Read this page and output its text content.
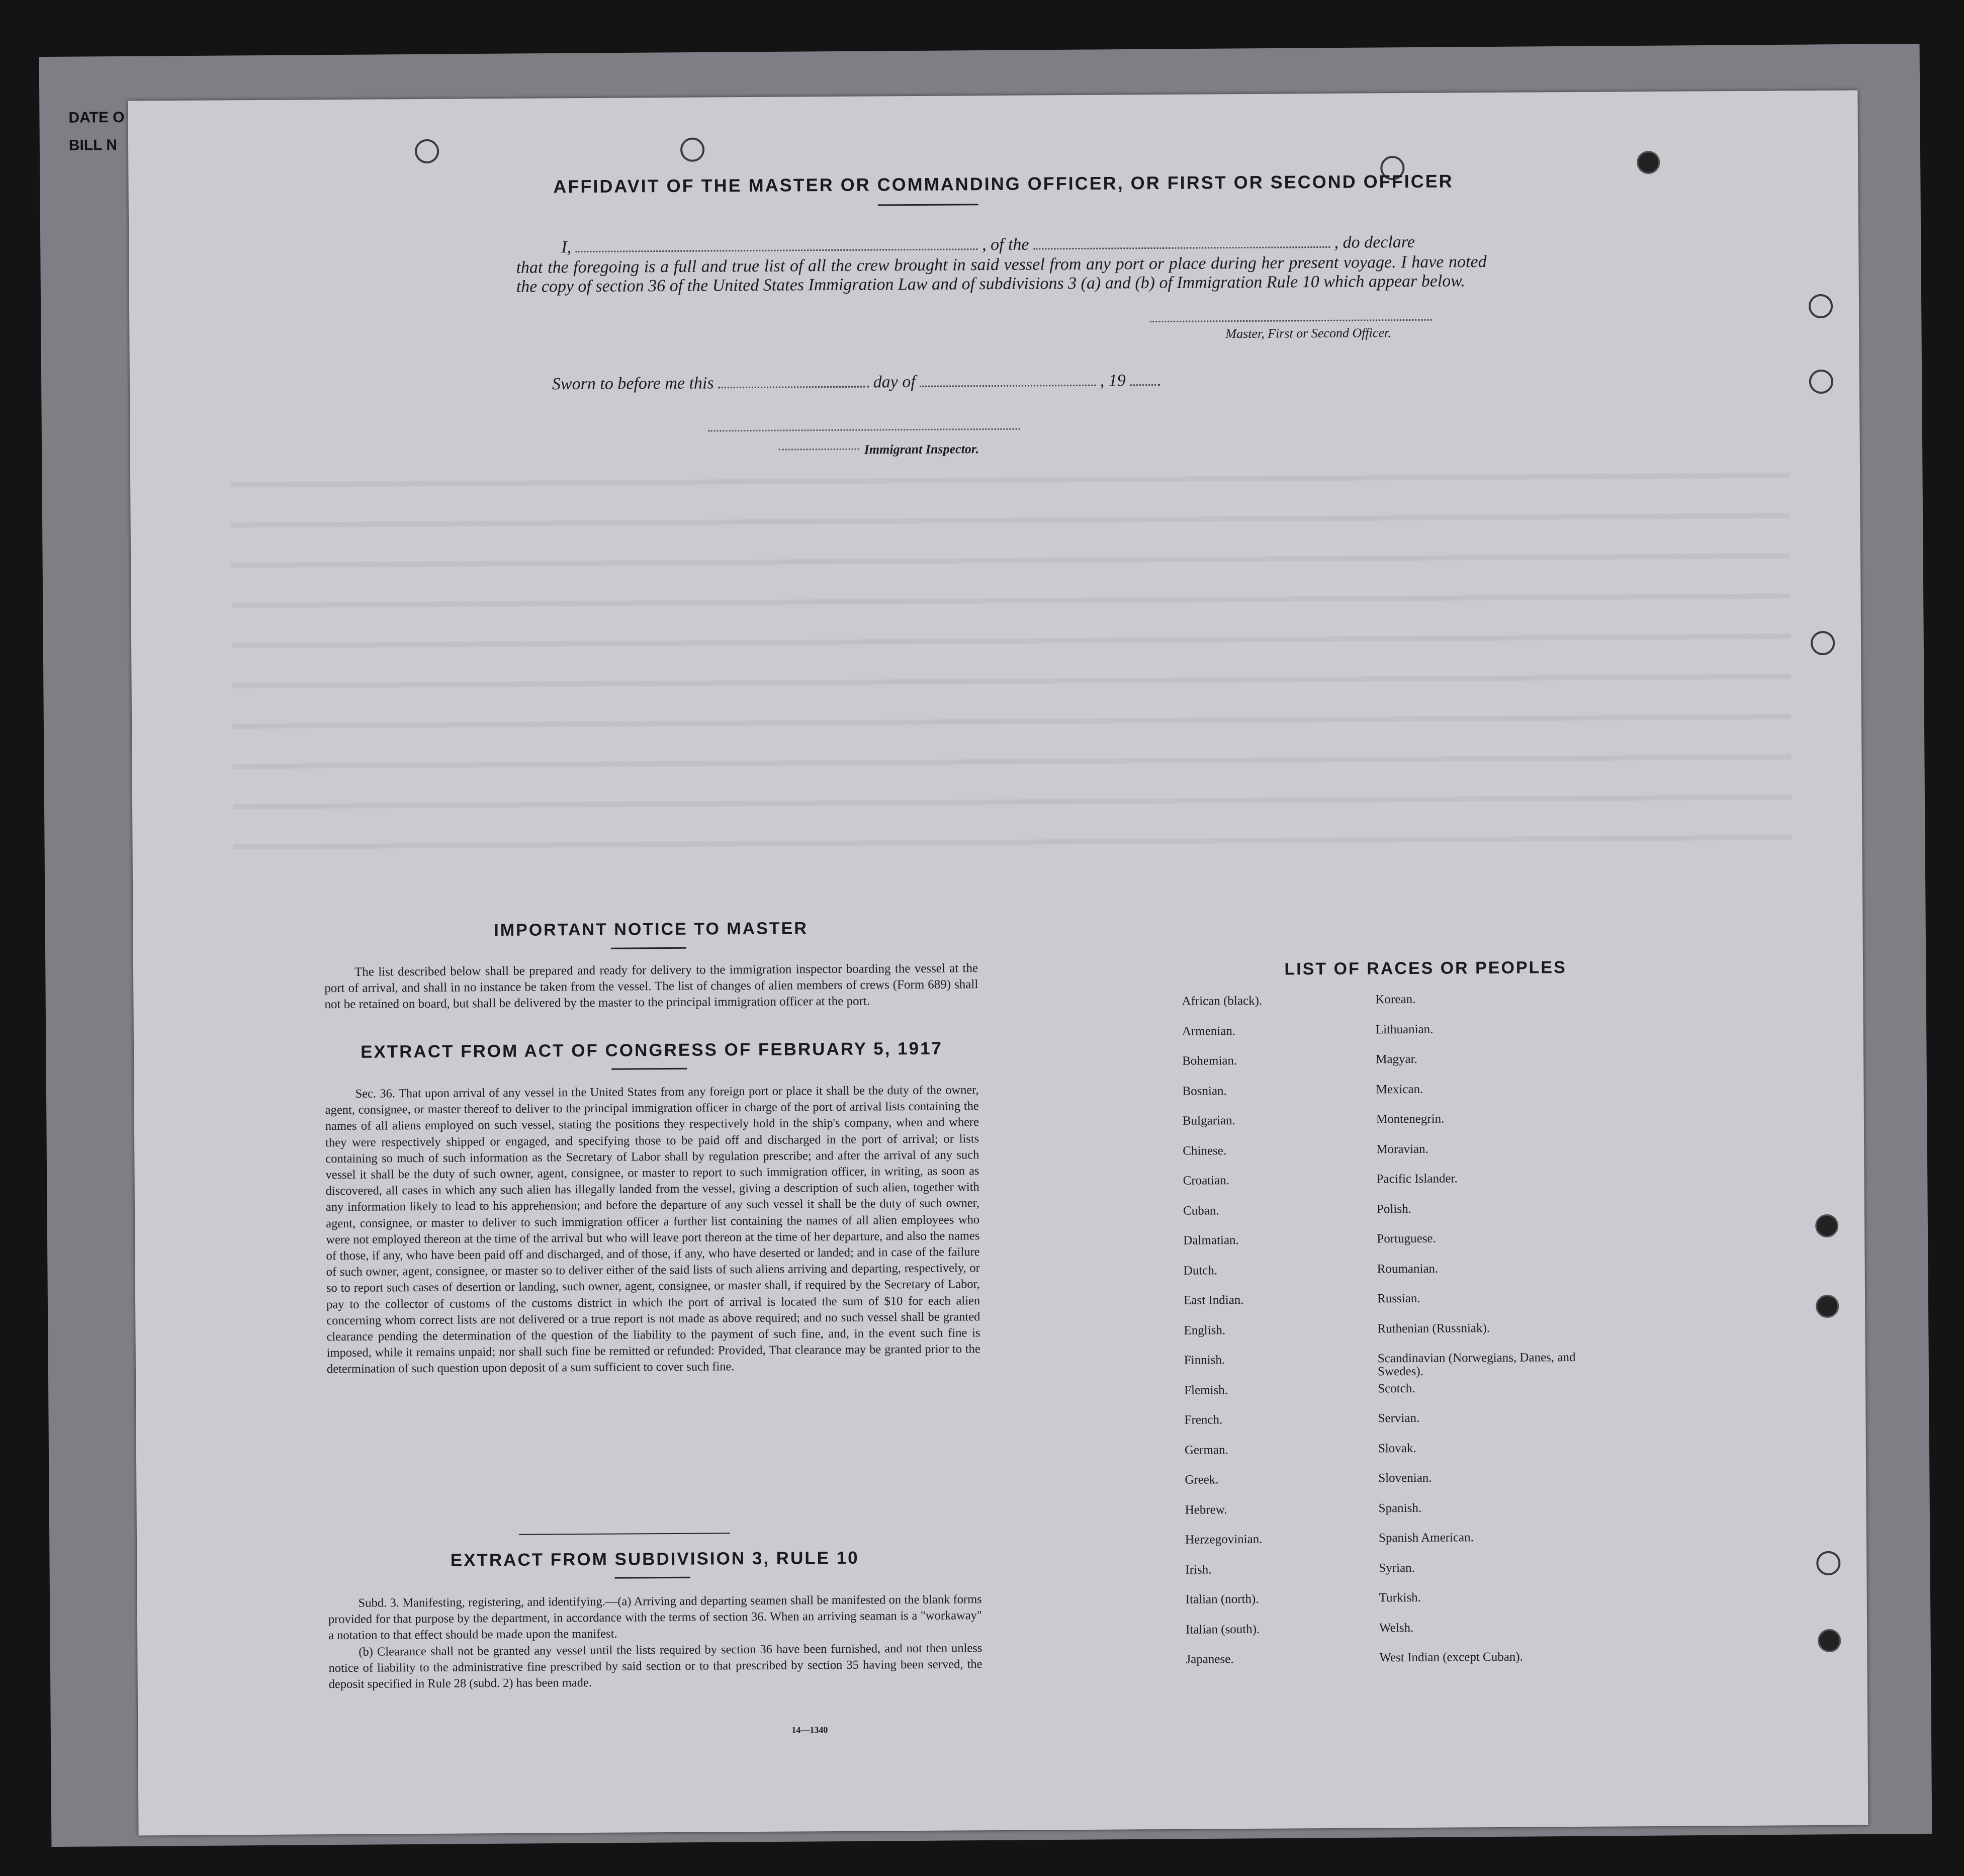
DATE O
BILL N
AFFIDAVIT OF THE MASTER OR COMMANDING OFFICER, OR FIRST OR SECOND OFFICER
I,	, of the	, do declare
that the foregoing is a full and true list of all the crew brought in said vessel from any port or place during her present voyage. I have noted the copy of section 36 of the United States Immigration Law and of subdivisions 3 (a) and (b) of Immigration Rule 10 which appear below.
Master, First or Second Officer.
Sworn to before me this	day of	, 19
Immigrant Inspector.
IMPORTANT NOTICE TO MASTER
The list described below shall be prepared and ready for delivery to the immigration inspector boarding the vessel at the port of arrival, and shall in no instance be taken from the vessel. The list of changes of alien members of crews (Form 689) shall not be retained on board, but shall be delivered by the master to the principal immigration officer at the port.
EXTRACT FROM ACT OF CONGRESS OF FEBRUARY 5, 1917
Sec. 36. That upon arrival of any vessel in the United States from any foreign port or place it shall be the duty of the owner, agent, consignee, or master thereof to deliver to the principal immigration officer in charge of the port of arrival lists containing the names of all aliens employed on such vessel, stating the positions they respectively hold in the ship's company, when and where they were respectively shipped or engaged, and specifying those to be paid off and discharged in the port of arrival; or lists containing so much of such information as the Secretary of Labor shall by regulation prescribe; and after the arrival of any such vessel it shall be the duty of such owner, agent, consignee, or master to report to such immigration officer, in writing, as soon as discovered, all cases in which any such alien has illegally landed from the vessel, giving a description of such alien, together with any information likely to lead to his apprehension; and before the departure of any such vessel it shall be the duty of such owner, agent, consignee, or master to deliver to such immigration officer a further list containing the names of all alien employees who were not employed thereon at the time of the arrival but who will leave port thereon at the time of her departure, and also the names of those, if any, who have been paid off and discharged, and of those, if any, who have deserted or landed; and in case of the failure of such owner, agent, consignee, or master so to deliver either of the said lists of such aliens arriving and departing, respectively, or so to report such cases of desertion or landing, such owner, agent, consignee, or master shall, if required by the Secretary of Labor, pay to the collector of customs of the customs district in which the port of arrival is located the sum of $10 for each alien concerning whom correct lists are not delivered or a true report is not made as above required; and no such vessel shall be granted clearance pending the determination of the question of the liability to the payment of such fine, and, in the event such fine is imposed, while it remains unpaid; nor shall such fine be remitted or refunded: Provided, That clearance may be granted prior to the determination of such question upon deposit of a sum sufficient to cover such fine.
EXTRACT FROM SUBDIVISION 3, RULE 10

Subd. 3. Manifesting, registering, and identifying.—(a) Arriving and departing seamen shall be manifested on the blank forms provided for that purpose by the department, in accordance with the terms of section 36. When an arriving seaman is a "workaway" a notation to that effect should be made upon the manifest.

(b) Clearance shall not be granted any vessel until the lists required by section 36 have been furnished, and not then unless notice of liability to the administrative fine prescribed by said section or to that prescribed by section 35 having been served, the deposit specified in Rule 28 (subd. 2) has been made.

14—1340
LIST OF RACES OR PEOPLES
African (black).	Korean.
Armenian.	Lithuanian.
Bohemian.	Magyar.
Bosnian.	Mexican.
Bulgarian.	Montenegrin.
Chinese.	Moravian.
Croatian.	Pacific Islander.
Cuban.	Polish.
Dalmatian.	Portuguese.
Dutch.	Roumanian.
East Indian.	Russian.
English.	Ruthenian (Russniak).
Finnish.	Scandinavian (Norwegians, Danes, and Swedes).
Flemish.	Scotch.
French.	Servian.
German.	Slovak.
Greek.	Slovenian.
Hebrew.	Spanish.
Herzegovinian.	Spanish American.
Irish.	Syrian.
Italian (north).	Turkish.
Italian (south).	Welsh.
Japanese.	West Indian (except Cuban).
